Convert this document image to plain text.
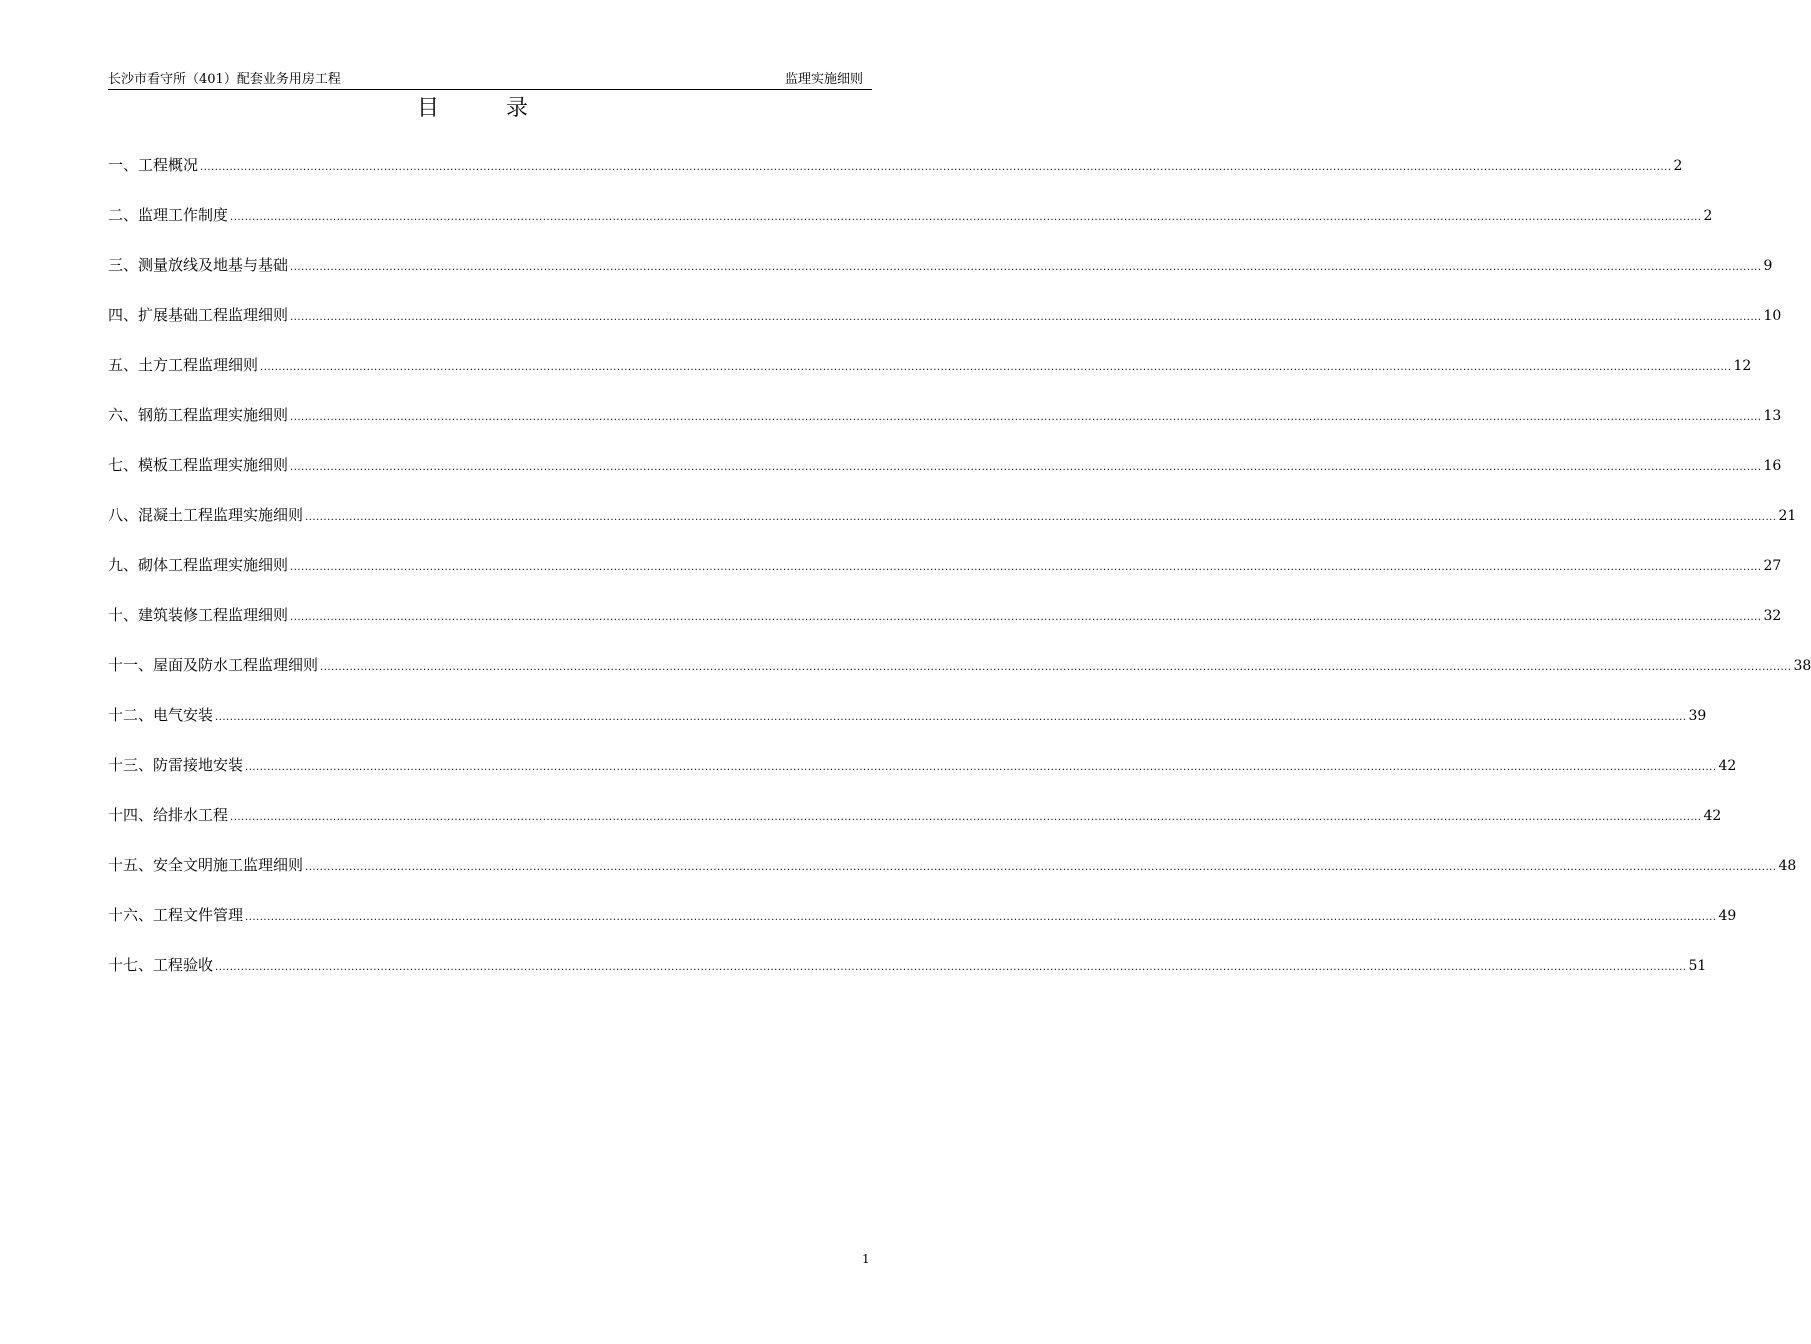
长沙市看守所（401）配套业务用房工程	监理实施细则
目 录
一、工程概况 ................................................................................................................................................................................................................................................................................................................................................................................................................ 2
二、监理工作制度 ................................................................................................................................................................................................................................................................................................................................................................................................................ 2
三、测量放线及地基与基础 ................................................................................................................................................................................................................................................................................................................................................................................................................ 9
四、扩展基础工程监理细则 ................................................................................................................................................................................................................................................................................................................................................................................................................ 10
五、土方工程监理细则 ................................................................................................................................................................................................................................................................................................................................................................................................................ 12
六、钢筋工程监理实施细则 ................................................................................................................................................................................................................................................................................................................................................................................................................ 13
七、模板工程监理实施细则 ................................................................................................................................................................................................................................................................................................................................................................................................................ 16
八、混凝土工程监理实施细则 ................................................................................................................................................................................................................................................................................................................................................................................................................ 21
九、砌体工程监理实施细则 ................................................................................................................................................................................................................................................................................................................................................................................................................ 27
十、建筑装修工程监理细则 ................................................................................................................................................................................................................................................................................................................................................................................................................ 32
十一、屋面及防水工程监理细则 ................................................................................................................................................................................................................................................................................................................................................................................................................ 38
十二、电气安装 ................................................................................................................................................................................................................................................................................................................................................................................................................ 39
十三、防雷接地安装 ................................................................................................................................................................................................................................................................................................................................................................................................................ 42
十四、给排水工程 ................................................................................................................................................................................................................................................................................................................................................................................................................ 42
十五、安全文明施工监理细则 ................................................................................................................................................................................................................................................................................................................................................................................................................ 48
十六、工程文件管理 ................................................................................................................................................................................................................................................................................................................................................................................................................ 49
十七、工程验收 ................................................................................................................................................................................................................................................................................................................................................................................................................ 51
1
